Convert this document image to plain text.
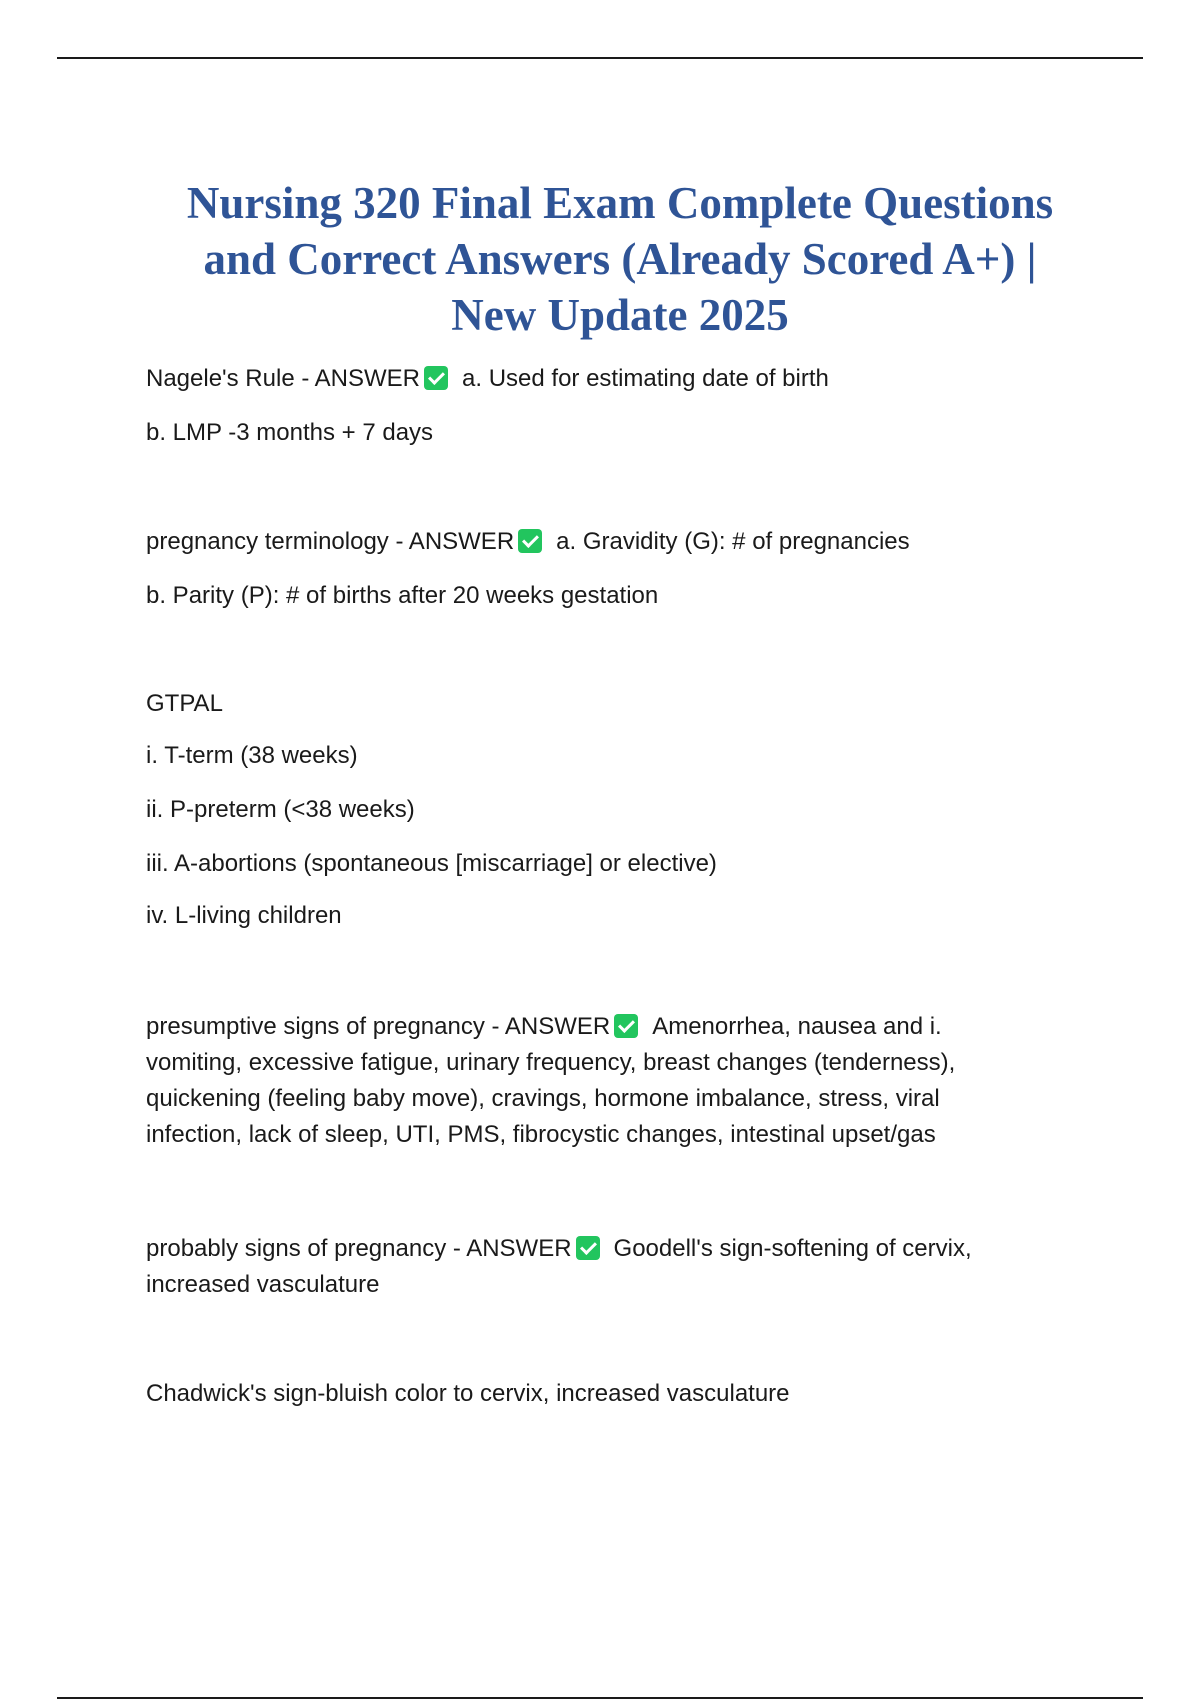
Nursing 320 Final Exam Complete Questions
and Correct Answers (Already Scored A+) |
New Update 2025
Nagele's Rule - ANSWER a. Used for estimating date of birth
b. LMP -3 months + 7 days
pregnancy terminology - ANSWER a. Gravidity (G): # of pregnancies
b. Parity (P): # of births after 20 weeks gestation
GTPAL
i. T-term (38 weeks)
ii. P-preterm (<38 weeks)
iii. A-abortions (spontaneous [miscarriage] or elective)
iv. L-living children
presumptive signs of pregnancy - ANSWER Amenorrhea, nausea and i.
vomiting, excessive fatigue, urinary frequency, breast changes (tenderness),
quickening (feeling baby move), cravings, hormone imbalance, stress, viral
infection, lack of sleep, UTI, PMS, fibrocystic changes, intestinal upset/gas
probably signs of pregnancy - ANSWER Goodell's sign-softening of cervix,
increased vasculature
Chadwick's sign-bluish color to cervix, increased vasculature
